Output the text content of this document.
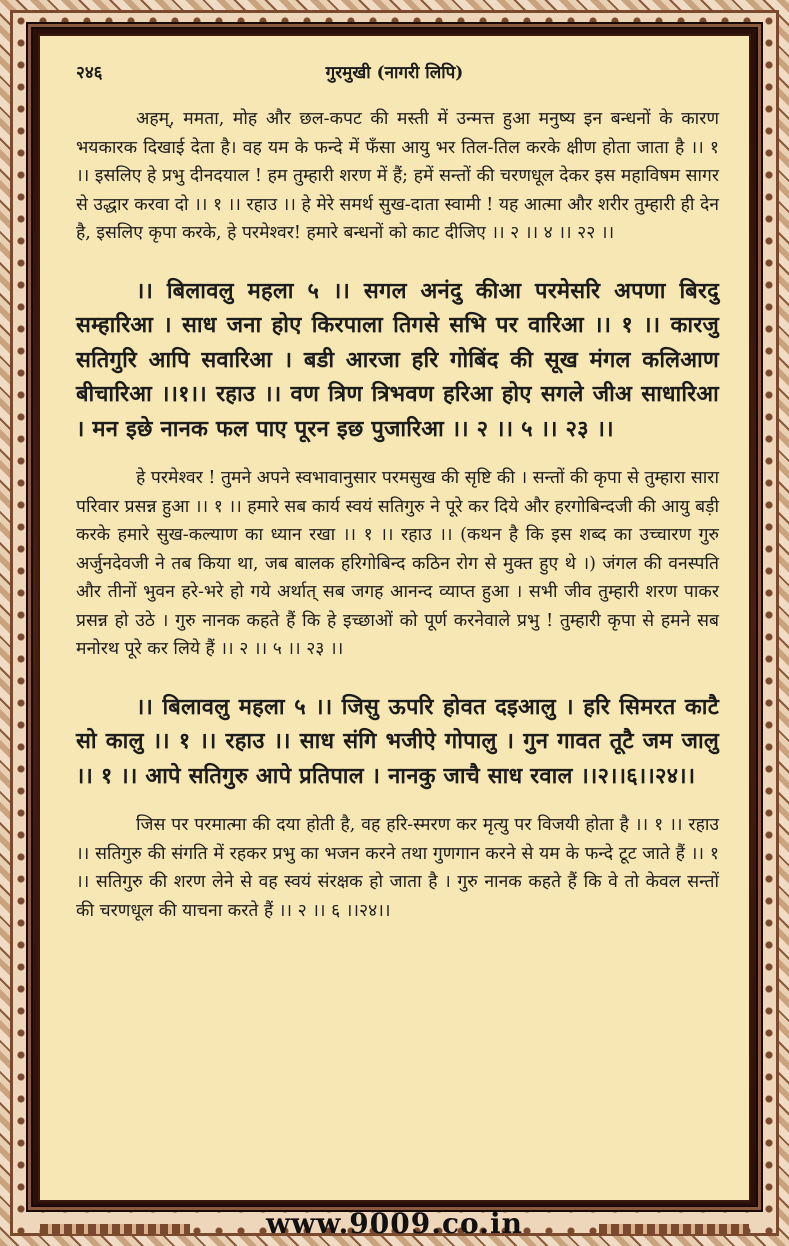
२४६	गुरमुखी (नागरी लिपि)

अहम्, ममता, मोह और छल-कपट की मस्ती में उन्मत्त हुआ मनुष्य इन बन्धनों के कारण भयकारक दिखाई देता है। वह यम के फन्दे में फँसा आयु भर तिल-तिल करके क्षीण होता जाता है ।। १ ।। इसलिए हे प्रभु दीनदयाल ! हम तुम्हारी शरण में हैं; हमें सन्तों की चरणधूल देकर इस महाविषम सागर से उद्धार करवा दो ।। १ ।। रहाउ ।। हे मेरे समर्थ सुख-दाता स्वामी ! यह आत्मा और शरीर तुम्हारी ही देन है, इसलिए कृपा करके, हे परमेश्वर! हमारे बन्धनों को काट दीजिए ।। २ ।। ४ ।। २२ ।।

।। बिलावलु महला ५ ।। सगल अनंदु कीआ परमेसरि अपणा बिरदु सम्हारिआ । साध जना होए किरपाला तिगसे सभि पर वारिआ ।। १ ।। कारजु सतिगुरि आपि सवारिआ । बडी आरजा हरि गोबिंद की सूख मंगल कलिआण बीचारिआ ।।१।। रहाउ ।। वण त्रिण त्रिभवण हरिआ होए सगले जीअ साधारिआ । मन इछे नानक फल पाए पूरन इछ पुजारिआ ।। २ ।। ५ ।। २३ ।।

हे परमेश्वर ! तुमने अपने स्वभावानुसार परमसुख की सृष्टि की । सन्तों की कृपा से तुम्हारा सारा परिवार प्रसन्न हुआ ।। १ ।। हमारे सब कार्य स्वयं सतिगुरु ने पूरे कर दिये और हरगोबिन्दजी की आयु बड़ी करके हमारे सुख-कल्याण का ध्यान रखा ।। १ ।। रहाउ ।। (कथन है कि इस शब्द का उच्चारण गुरु अर्जुनदेवजी ने तब किया था, जब बालक हरिगोबिन्द कठिन रोग से मुक्त हुए थे ।) जंगल की वनस्पति और तीनों भुवन हरे-भरे हो गये अर्थात् सब जगह आनन्द व्याप्त हुआ । सभी जीव तुम्हारी शरण पाकर प्रसन्न हो उठे । गुरु नानक कहते हैं कि हे इच्छाओं को पूर्ण करनेवाले प्रभु ! तुम्हारी कृपा से हमने सब मनोरथ पूरे कर लिये हैं ।। २ ।। ५ ।। २३ ।।

।। बिलावलु महला ५ ।। जिसु ऊपरि होवत दइआलु । हरि सिमरत काटै सो कालु ।। १ ।। रहाउ ।। साध संगि भजीऐ गोपालु । गुन गावत तूटै जम जालु ।। १ ।। आपे सतिगुरु आपे प्रतिपाल । नानकु जाचै साध रवाल ।।२।।६।।२४।।

जिस पर परमात्मा की दया होती है, वह हरि-स्मरण कर मृत्यु पर विजयी होता है ।। १ ।। रहाउ ।। सतिगुरु की संगति में रहकर प्रभु का भजन करने तथा गुणगान करने से यम के फन्दे टूट जाते हैं ।। १ ।। सतिगुरु की शरण लेने से वह स्वयं संरक्षक हो जाता है । गुरु नानक कहते हैं कि वे तो केवल सन्तों की चरणधूल की याचना करते हैं ।। २ ।। ६ ।।२४।।

www.9009.co.in
